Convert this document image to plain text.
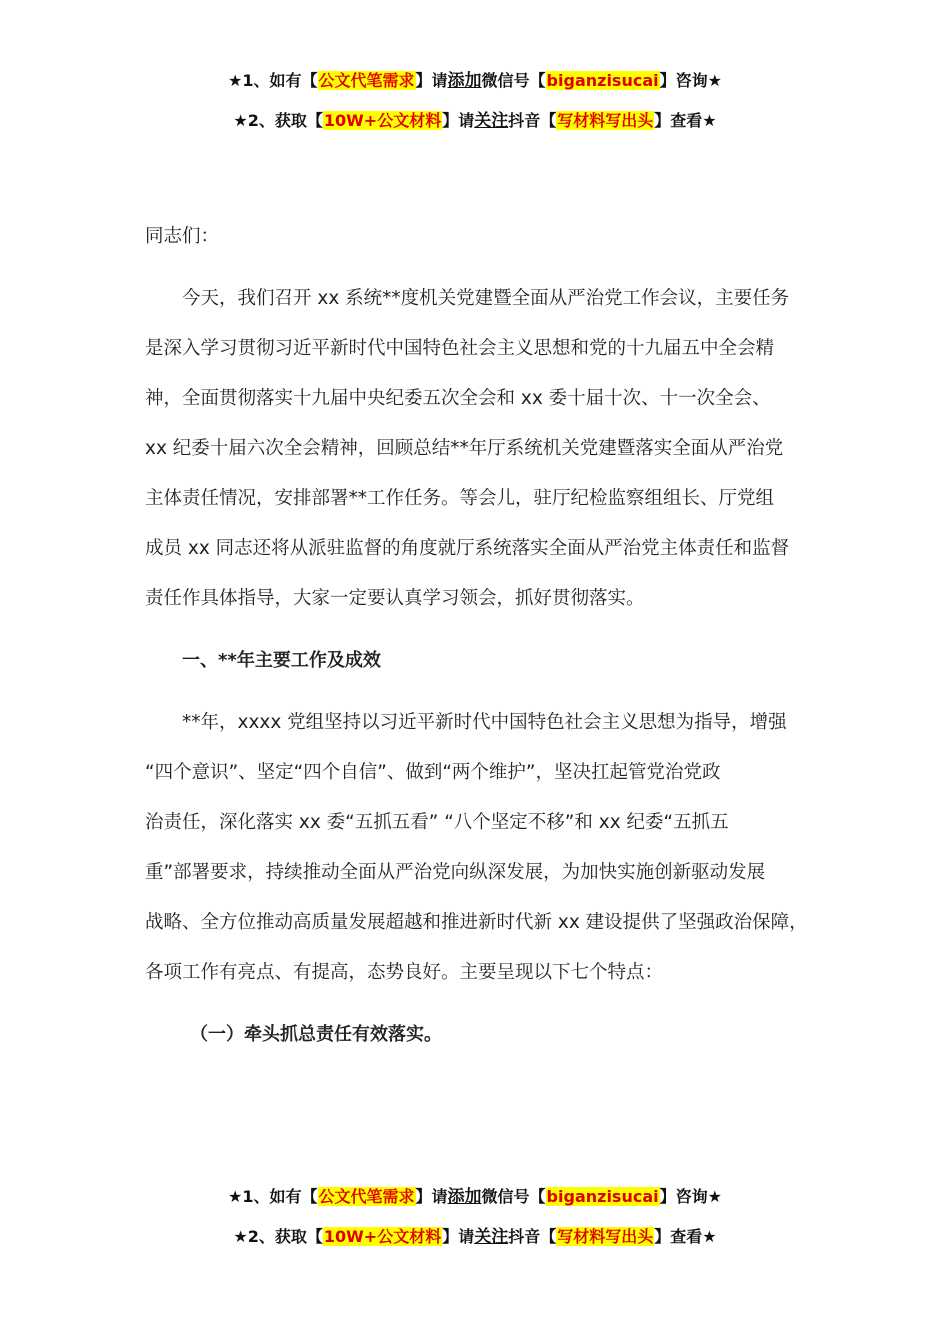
★1、如有【公文代笔需求】请添加微信号【biganzisucai】咨询★
★2、获取【10W+公文材料】请关注抖音【写材料写出头】查看★

同志们：

今天，我们召开 xx 系统**度机关党建暨全面从严治党工作会议，主要任务

是深入学习贯彻习近平新时代中国特色社会主义思想和党的十九届五中全会精

神，全面贯彻落实十九届中央纪委五次全会和 xx 委十届十次、十一次全会、

xx 纪委十届六次全会精神，回顾总结**年厅系统机关党建暨落实全面从严治党

主体责任情况，安排部署**工作任务。等会儿，驻厅纪检监察组组长、厅党组

成员 xx 同志还将从派驻监督的角度就厅系统落实全面从严治党主体责任和监督

责任作具体指导，大家一定要认真学习领会，抓好贯彻落实。

一、**年主要工作及成效

**年，xxxx 党组坚持以习近平新时代中国特色社会主义思想为指导，增强

“四个意识”、坚定“四个自信”、做到“两个维护”，坚决扛起管党治党政

治责任，深化落实 xx 委“五抓五看” “八个坚定不移”和 xx 纪委“五抓五

重”部署要求，持续推动全面从严治党向纵深发展，为加快实施创新驱动发展

战略、全方位推动高质量发展超越和推进新时代新 xx 建设提供了坚强政治保障，

各项工作有亮点、有提高，态势良好。主要呈现以下七个特点：

（一）牵头抓总责任有效落实。

★1、如有【公文代笔需求】请添加微信号【biganzisucai】咨询★
★2、获取【10W+公文材料】请关注抖音【写材料写出头】查看★
